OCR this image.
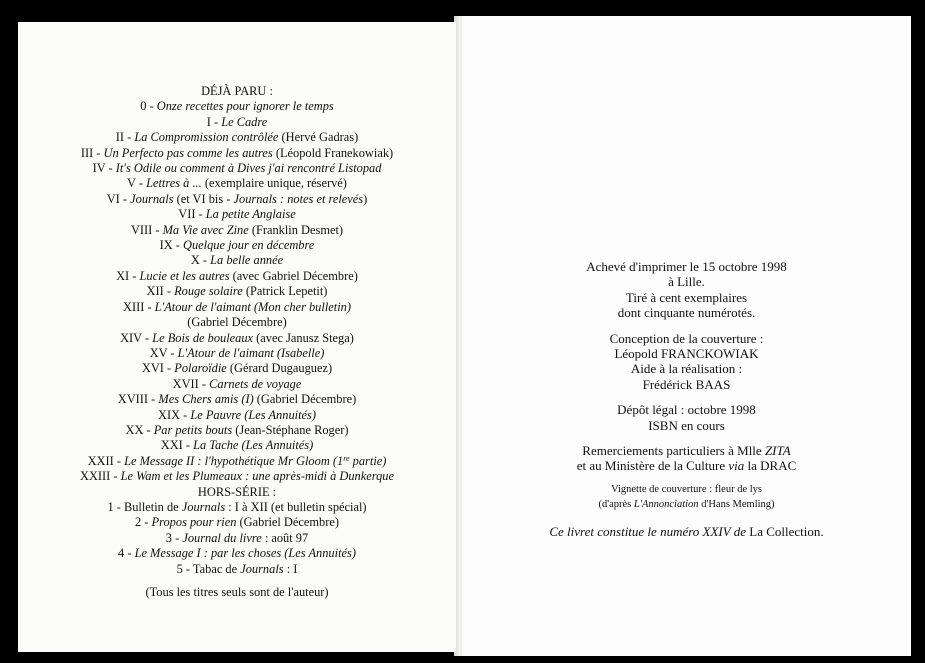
DÉJÀ PARU :
0 - Onze recettes pour ignorer le temps
I - Le Cadre
II - La Compromission contrôlée (Hervé Gadras)
III - Un Perfecto pas comme les autres (Léopold Franekowiak)
IV - It's Odile ou comment à Dives j'ai rencontré Listopad
V - Lettres à ... (exemplaire unique, réservé)
VI - Journals (et VI bis - Journals : notes et relevés)
VII - La petite Anglaise
VIII - Ma Vie avec Zine (Franklin Desmet)
IX - Quelque jour en décembre
X - La belle année
XI - Lucie et les autres (avec Gabriel Décembre)
XII - Rouge solaire (Patrick Lepetit)
XIII - L'Atour de l'aimant (Mon cher bulletin)
(Gabriel Décembre)
XIV - Le Bois de bouleaux (avec Janusz Stega)
XV - L'Atour de l'aimant (Isabelle)
XVI - Polaroïdie (Gérard Dugauguez)
XVII - Carnets de voyage
XVIII - Mes Chers amis (I) (Gabriel Décembre)
XIX - Le Pauvre (Les Annuités)
XX - Par petits bouts (Jean-Stéphane Roger)
XXI - La Tache (Les Annuités)
XXII - Le Message II : l'hypothétique Mr Gloom (1re partie)
XXIII - Le Wam et les Plumeaux : une après-midi à Dunkerque
HORS-SÉRIE :
1 - Bulletin de Journals : I à XII (et bulletin spécial)
2 - Propos pour rien (Gabriel Décembre)
3 - Journal du livre : août 97
4 - Le Message I : par les choses (Les Annuités)
5 - Tabac de Journals : I
(Tous les titres seuls sont de l'auteur)
Achevé d'imprimer le 15 octobre 1998
à Lille.
Tiré à cent exemplaires
dont cinquante numérotés.
Conception de la couverture :
Léopold FRANCKOWIAK
Aide à la réalisation :
Frédérick BAAS
Dépôt légal : octobre 1998
ISBN en cours
Remerciements particuliers à Mlle ZITA
et au Ministère de la Culture via la DRAC
Vignette de couverture : fleur de lys
(d'après L'Annonciation d'Hans Memling)
Ce livret constitue le numéro XXIV de La Collection.
